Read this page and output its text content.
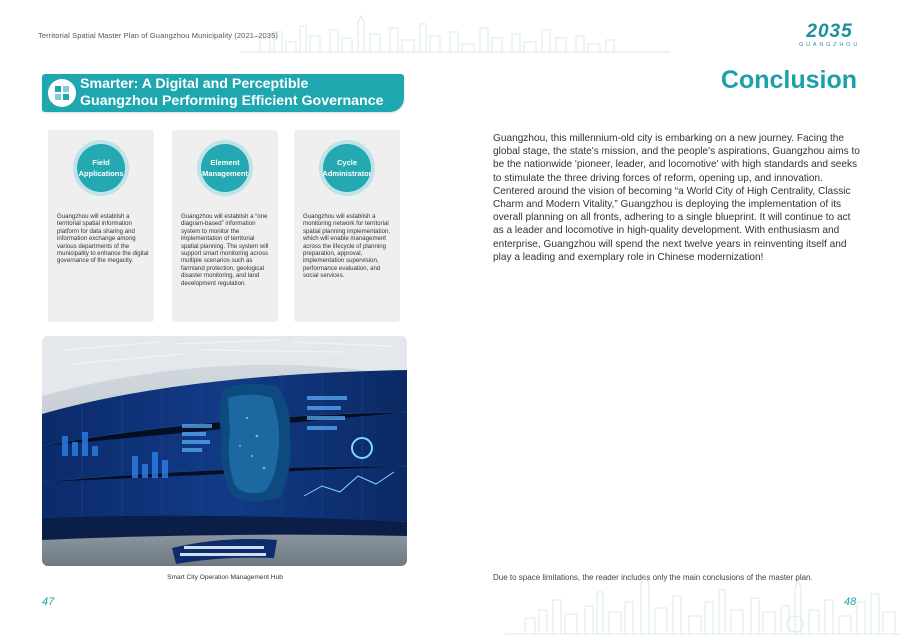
Territorial Spatial Master Plan of Guangzhou Municipality (2021–2035)
Smarter: A Digital and Perceptible
Guangzhou Performing Efficient Governance
Field
Applications
Guangzhou will establish a territorial spatial information platform for data sharing and information exchange among various departments of the municipality to enhance the digital governance of the megacity.
Element
Management
Guangzhou will establish a “one diagram-based” information system to monitor the implementation of territorial spatial planning. The system will support smart monitoring across multiple scenarios such as farmland protection, geological disaster monitoring, and land development regulation.
Cycle
Administrator
Guangzhou will establish a monitoring network for territorial spatial planning implementation, which will enable management across the lifecycle of planning preparation, approval, implementation supervision, performance evaluation, and social services.
Smart City Operation Management Hub
47
2035
GUANGZHOU
Conclusion
Guangzhou, this millennium-old city is embarking on a new journey. Facing the global stage, the state's mission, and the people's aspirations, Guangzhou aims to be the nationwide 'pioneer, leader, and locomotive' with high standards and seeks to stimulate the three driving forces of reform, opening up, and innovation. Centered around the vision of becoming “a World City of High Centrality, Classic Charm and Modern Vitality,” Guangzhou is deploying the implementation of its overall planning on all fronts, adhering to a single blueprint. It will continue to act as a leader and locomotive in high-quality development. With enthusiasm and enterprise, Guangzhou will spend the next twelve years in reinventing itself and play a leading and exemplary role in Chinese modernization!
Due to space limitations, the reader includes only the main conclusions of the master plan.
48
